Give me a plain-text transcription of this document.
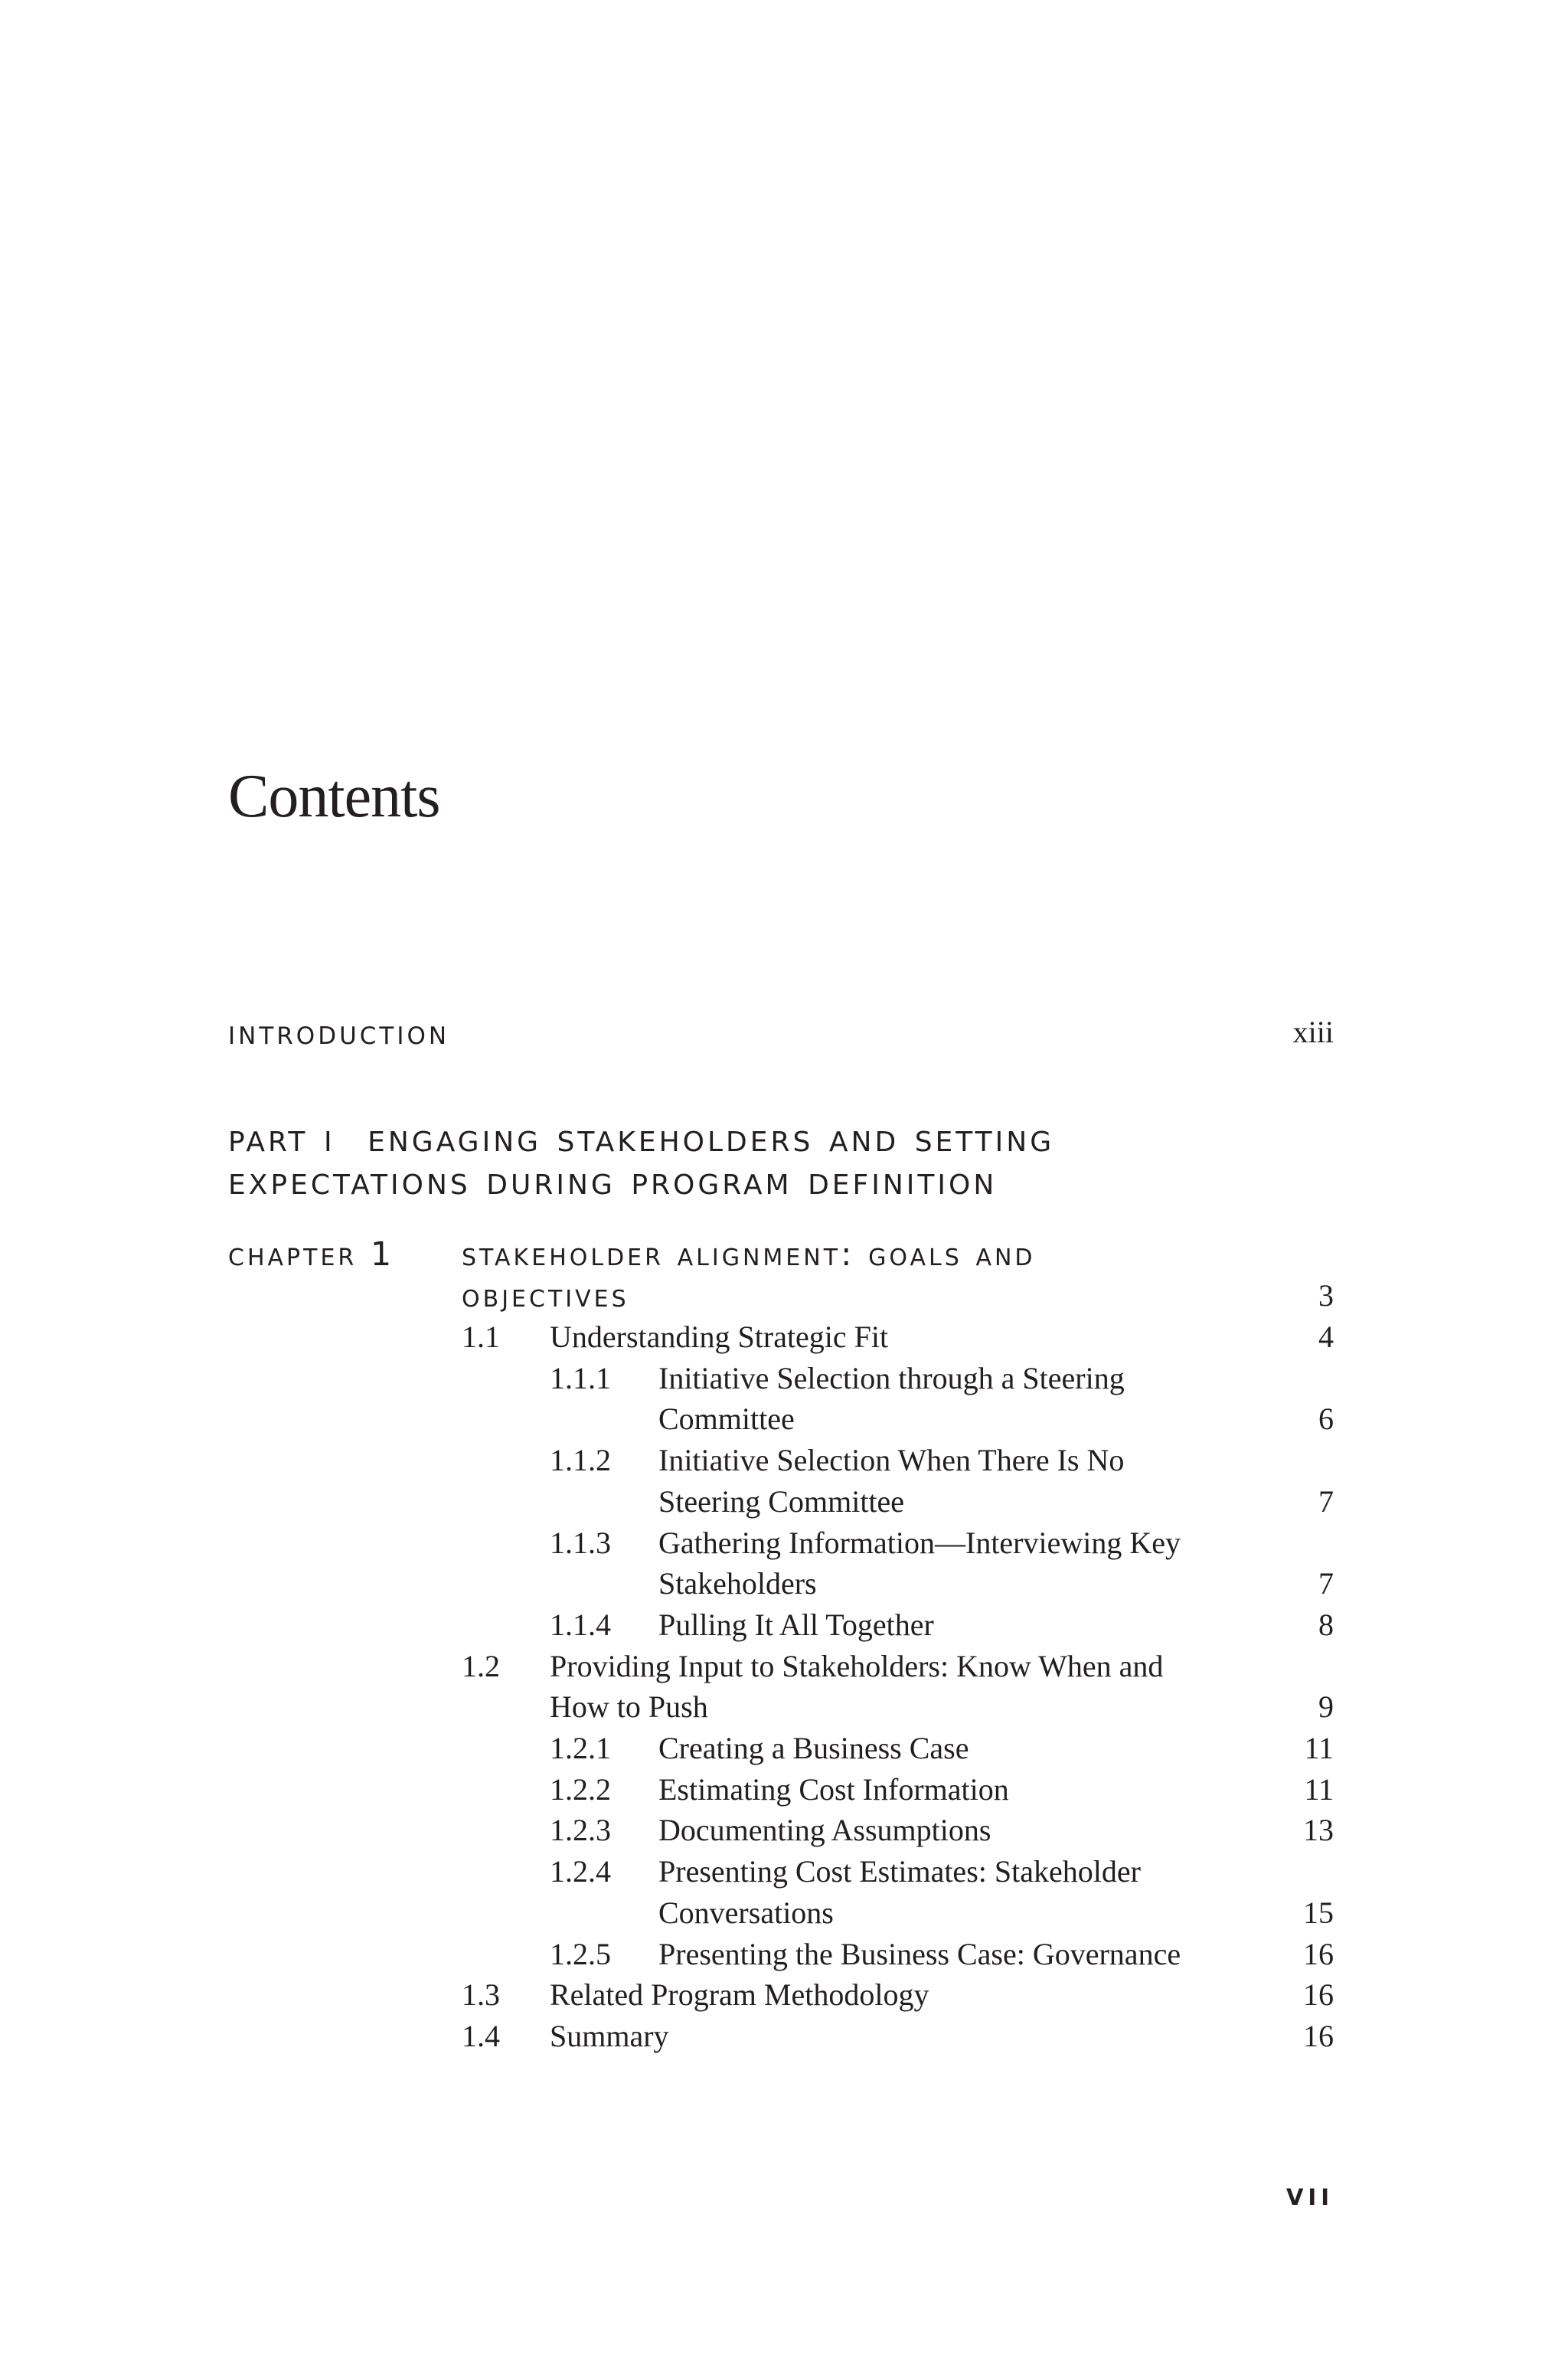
Contents
introduction	xiii
part i engaging stakeholders and setting
expectations during program definition
chapter 1 stakeholder alignment: goals and
objectives	3
1.1 Understanding Strategic Fit	4
1.1.1 Initiative Selection through a Steering
Committee	6
1.1.2 Initiative Selection When There Is No
Steering Committee	7
1.1.3 Gathering Information—Interviewing Key
Stakeholders	7
1.1.4 Pulling It All Together	8
1.2 Providing Input to Stakeholders: Know When and
How to Push	9
1.2.1 Creating a Business Case	11
1.2.2 Estimating Cost Information	11
1.2.3 Documenting Assumptions	13
1.2.4 Presenting Cost Estimates: Stakeholder
Conversations	15
1.2.5 Presenting the Business Case: Governance	16
1.3 Related Program Methodology	16
1.4 Summary	16
vii
